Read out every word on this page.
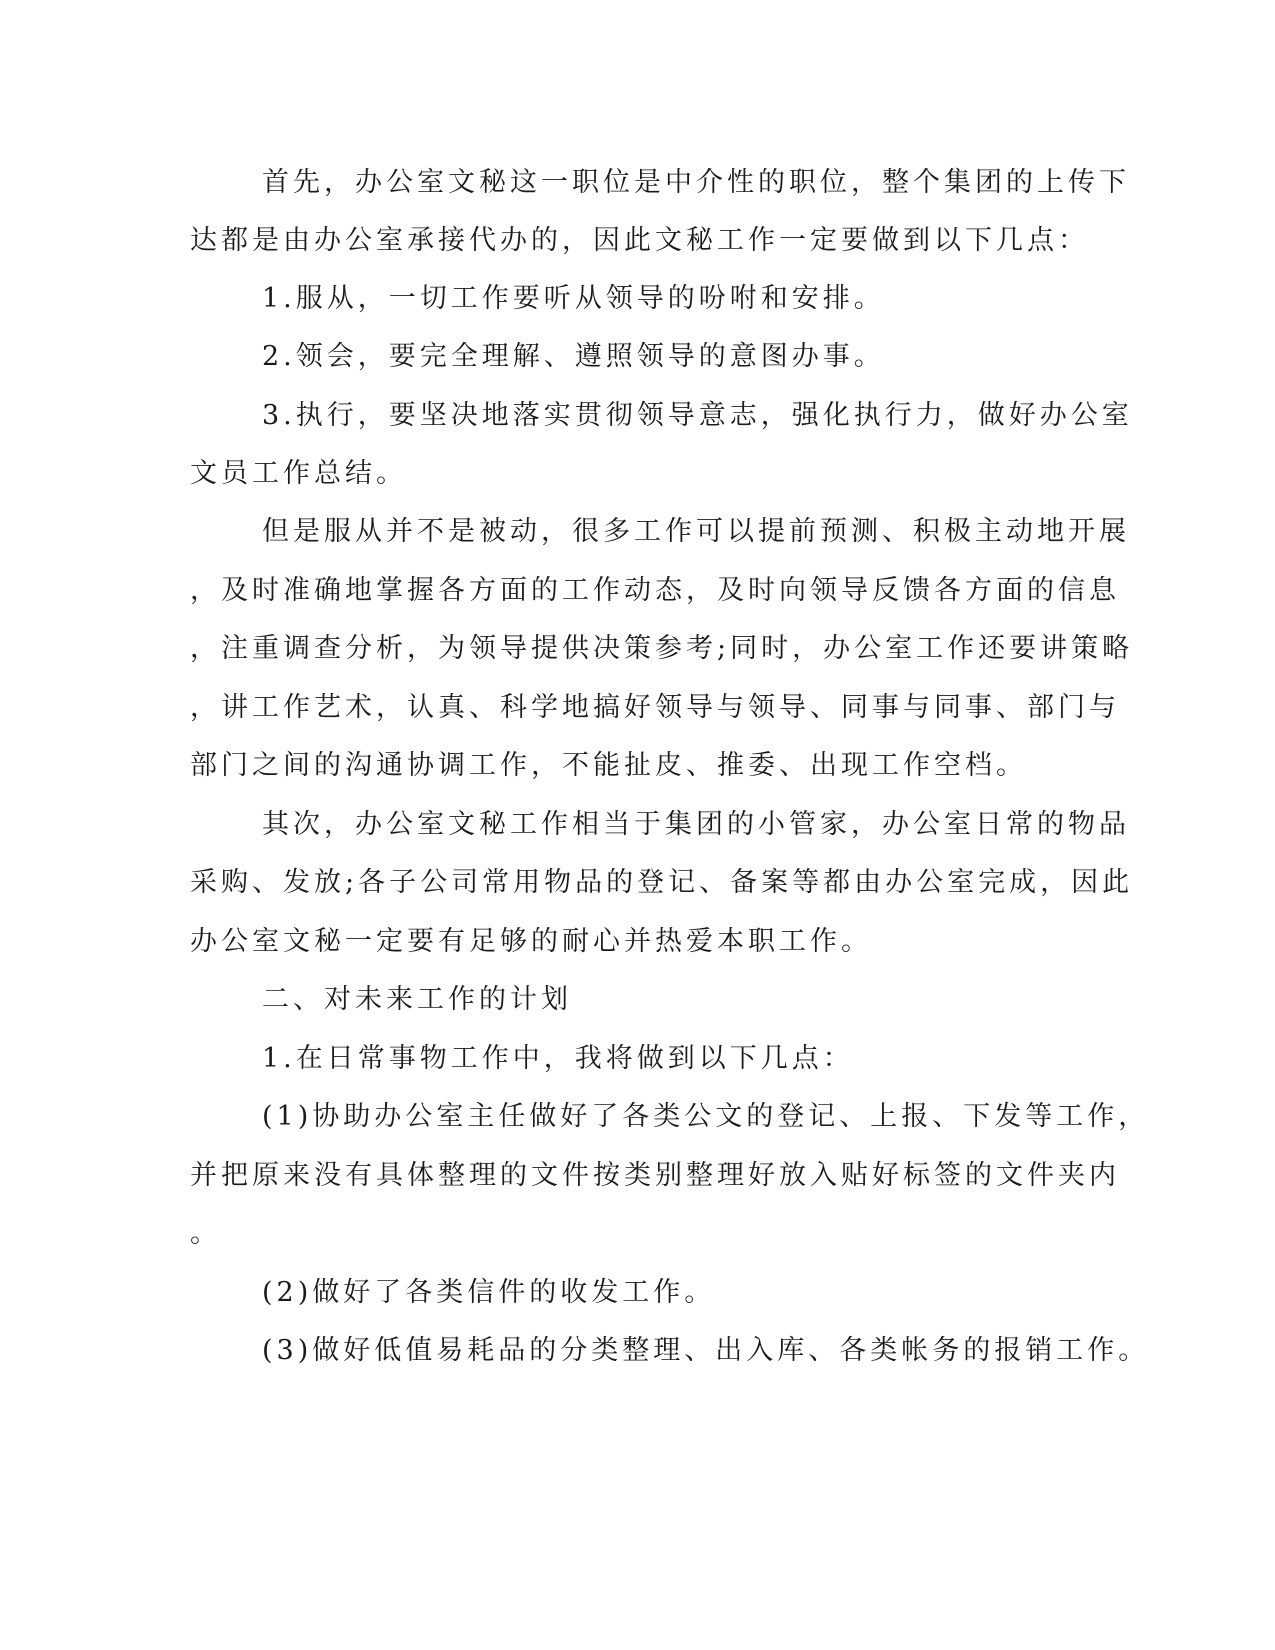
首先，办公室文秘这一职位是中介性的职位，整个集团的上传下
达都是由办公室承接代办的，因此文秘工作一定要做到以下几点：
1.服从，一切工作要听从领导的吩咐和安排。
2.领会，要完全理解、遵照领导的意图办事。
3.执行，要坚决地落实贯彻领导意志，强化执行力，做好办公室
文员工作总结。
但是服从并不是被动，很多工作可以提前预测、积极主动地开展
，及时准确地掌握各方面的工作动态，及时向领导反馈各方面的信息
，注重调查分析，为领导提供决策参考;同时，办公室工作还要讲策略
，讲工作艺术，认真、科学地搞好领导与领导、同事与同事、部门与
部门之间的沟通协调工作，不能扯皮、推委、出现工作空档。
其次，办公室文秘工作相当于集团的小管家，办公室日常的物品
采购、发放;各子公司常用物品的登记、备案等都由办公室完成，因此
办公室文秘一定要有足够的耐心并热爱本职工作。
二、对未来工作的计划
1.在日常事物工作中，我将做到以下几点：
(1)协助办公室主任做好了各类公文的登记、上报、下发等工作，
并把原来没有具体整理的文件按类别整理好放入贴好标签的文件夹内
。
(2)做好了各类信件的收发工作。
(3)做好低值易耗品的分类整理、出入库、各类帐务的报销工作。
